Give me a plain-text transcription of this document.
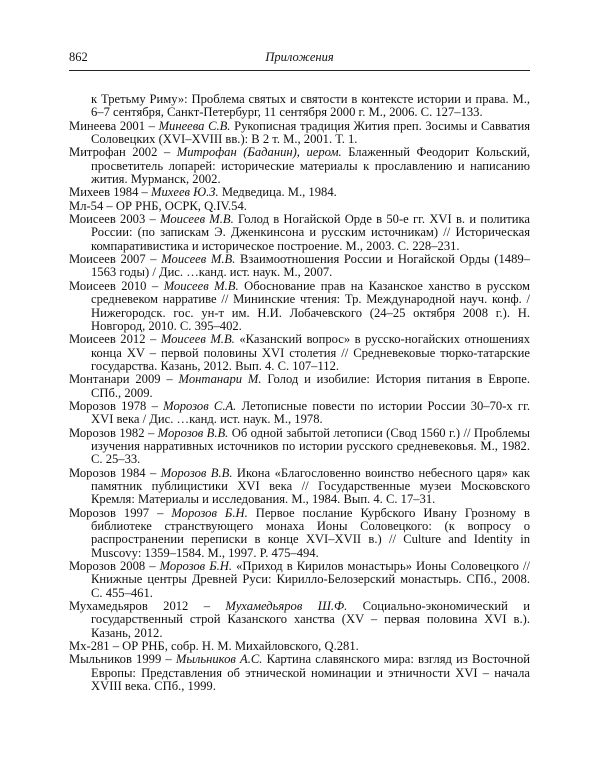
862	Приложения

к Третьму Риму»: Проблема святых и святости в контексте истории и права. М., 6–7 сентября, Санкт-Петербург, 11 сентября 2000 г. М., 2006. С. 127–133.

Минеева 2001 – Минеева С.В. Рукописная традиция Жития преп. Зосимы и Савватия Соловецких (XVI–XVIII вв.): В 2 т. М., 2001. Т. 1.

Митрофан 2002 – Митрофан (Баданин), иером. Блаженный Феодорит Кольский, просветитель лопарей: исторические материалы к прославлению и написанию жития. Мурманск, 2002.

Михеев 1984 – Михеев Ю.З. Медведица. М., 1984.

Мл-54 – ОР РНБ, ОСРК, Q.IV.54.

Моисеев 2003 – Моисеев М.В. Голод в Ногайской Орде в 50-е гг. XVI в. и политика России: (по запискам Э. Дженкинсона и русским источникам) // Историческая компаративистика и историческое построение. М., 2003. С. 228–231.

Моисеев 2007 – Моисеев М.В. Взаимоотношения России и Ногайской Орды (1489–1563 годы) / Дис. …канд. ист. наук. М., 2007.

Моисеев 2010 – Моисеев М.В. Обоснование прав на Казанское ханство в русском средневеком нарративе // Мининские чтения: Тр. Международной науч. конф. / Нижегородск. гос. ун-т им. Н.И. Лобачевского (24–25 октября 2008 г.). Н. Новгород, 2010. С. 395–402.

Моисеев 2012 – Моисеев М.В. «Казанский вопрос» в русско-ногайских отношениях конца XV – первой половины XVI столетия // Средневековые тюрко-татарские государства. Казань, 2012. Вып. 4. С. 107–112.

Монтанари 2009 – Монтанари М. Голод и изобилие: История питания в Европе. СПб., 2009.

Морозов 1978 – Морозов С.А. Летописные повести по истории России 30–70-х гг. XVI века / Дис. …канд. ист. наук. М., 1978.

Морозов 1982 – Морозов В.В. Об одной забытой летописи (Свод 1560 г.) // Проблемы изучения нарративных источников по истории русского средневековья. М., 1982. С. 25–33.

Морозов 1984 – Морозов В.В. Икона «Благословенно воинство небесного царя» как памятник публицистики XVI века // Государственные музеи Московского Кремля: Материалы и исследования. М., 1984. Вып. 4. С. 17–31.

Морозов 1997 – Морозов Б.Н. Первое послание Курбского Ивану Грозному в библиотеке странствующего монаха Ионы Соловецкого: (к вопросу о распространении переписки в конце XVI–XVII в.) // Culture and Identity in Muscovy: 1359–1584. М., 1997. P. 475–494.

Морозов 2008 – Морозов Б.Н. «Приход в Кирилов монастырь» Ионы Соловецкого // Книжные центры Древней Руси: Кирилло-Белозерский монастырь. СПб., 2008. С. 455–461.

Мухамедьяров 2012 – Мухамедьяров Ш.Ф. Социально-экономический и государственный строй Казанского ханства (XV – первая половина XVI в.). Казань, 2012.

Мх-281 – ОР РНБ, собр. Н. М. Михайловского, Q.281.

Мыльников 1999 – Мыльников А.С. Картина славянского мира: взгляд из Восточной Европы: Представления об этнической номинации и этничности XVI – начала XVIII века. СПб., 1999.
